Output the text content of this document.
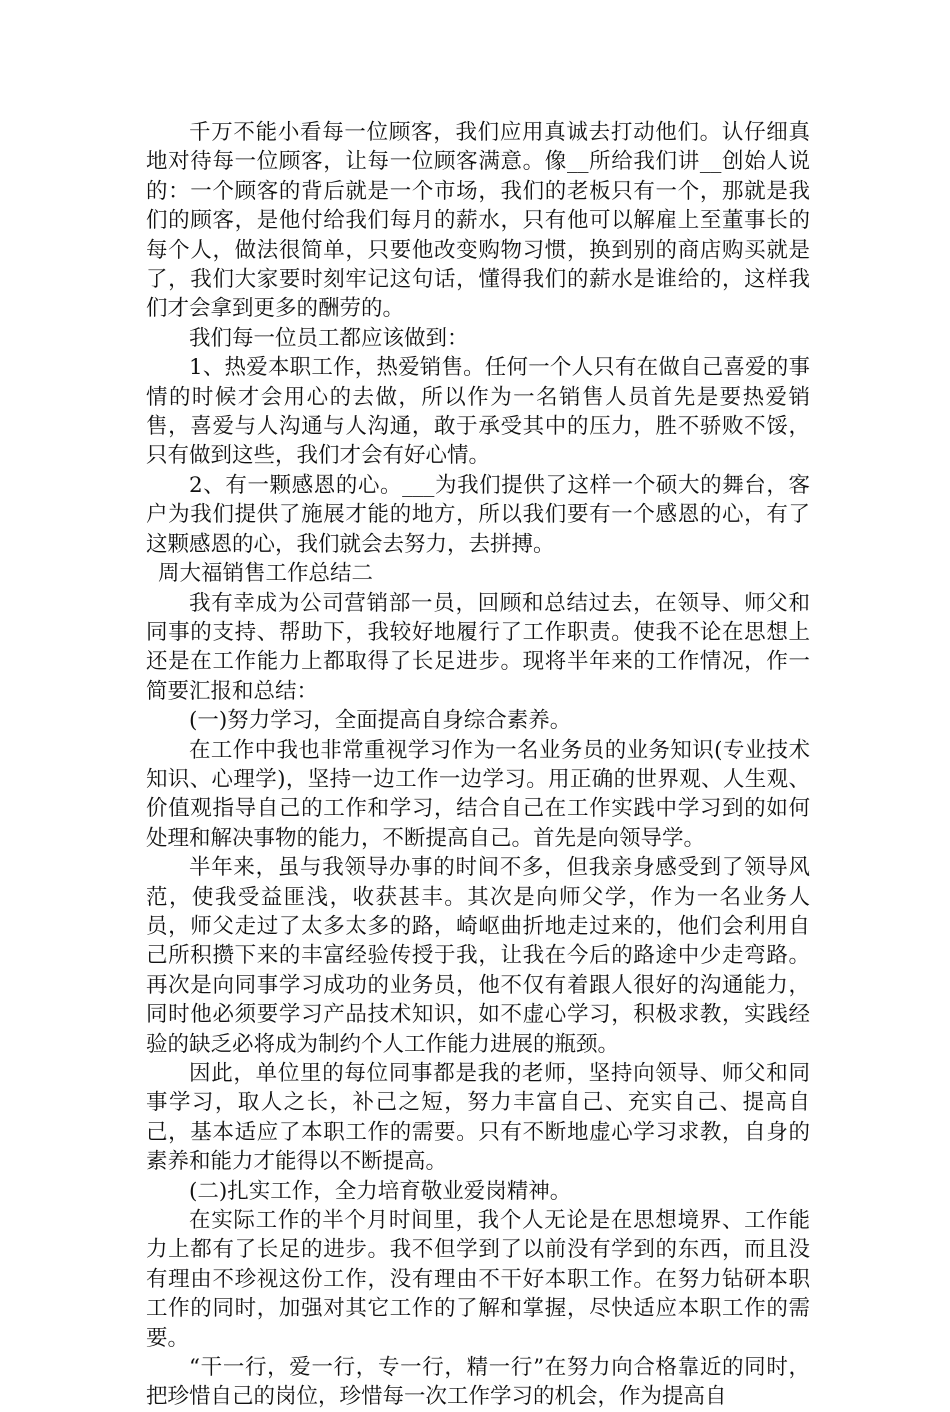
千万不能小看每一位顾客，我们应用真诚去打动他们。认仔细真地对待每一位顾客，让每一位顾客满意。像__所给我们讲__创始人说的：一个顾客的背后就是一个市场，我们的老板只有一个，那就是我们的顾客，是他付给我们每月的薪水，只有他可以解雇上至董事长的每个人，做法很简单，只要他改变购物习惯，换到别的商店购买就是了，我们大家要时刻牢记这句话，懂得我们的薪水是谁给的，这样我们才会拿到更多的酬劳的。

我们每一位员工都应该做到：

1、热爱本职工作，热爱销售。任何一个人只有在做自己喜爱的事情的时候才会用心的去做，所以作为一名销售人员首先是要热爱销售，喜爱与人沟通与人沟通，敢于承受其中的压力，胜不骄败不馁，只有做到这些，我们才会有好心情。

2、有一颗感恩的心。___为我们提供了这样一个硕大的舞台，客户为我们提供了施展才能的地方，所以我们要有一个感恩的心，有了这颗感恩的心，我们就会去努力，去拼搏。

周大福销售工作总结二

我有幸成为公司营销部一员，回顾和总结过去，在领导、师父和同事的支持、帮助下，我较好地履行了工作职责。使我不论在思想上还是在工作能力上都取得了长足进步。现将半年来的工作情况，作一简要汇报和总结：

(一)努力学习，全面提高自身综合素养。

在工作中我也非常重视学习作为一名业务员的业务知识(专业技术知识、心理学)，坚持一边工作一边学习。用正确的世界观、人生观、价值观指导自己的工作和学习，结合自己在工作实践中学习到的如何处理和解决事物的能力，不断提高自己。首先是向领导学。

半年来，虽与我领导办事的时间不多，但我亲身感受到了领导风范，使我受益匪浅，收获甚丰。其次是向师父学，作为一名业务人员，师父走过了太多太多的路，崎岖曲折地走过来的，他们会利用自己所积攒下来的丰富经验传授于我，让我在今后的路途中少走弯路。再次是向同事学习成功的业务员，他不仅有着跟人很好的沟通能力，同时他必须要学习产品技术知识，如不虚心学习，积极求教，实践经验的缺乏必将成为制约个人工作能力进展的瓶颈。

因此，单位里的每位同事都是我的老师，坚持向领导、师父和同事学习，取人之长，补己之短，努力丰富自己、充实自己、提高自己，基本适应了本职工作的需要。只有不断地虚心学习求教，自身的素养和能力才能得以不断提高。

(二)扎实工作，全力培育敬业爱岗精神。

在实际工作的半个月时间里，我个人无论是在思想境界、工作能力上都有了长足的进步。我不但学到了以前没有学到的东西，而且没有理由不珍视这份工作，没有理由不干好本职工作。在努力钻研本职工作的同时，加强对其它工作的了解和掌握，尽快适应本职工作的需要。

“干一行，爱一行，专一行，精一行”在努力向合格靠近的同时，把珍惜自己的岗位，珍惜每一次工作学习的机会，作为提高自
